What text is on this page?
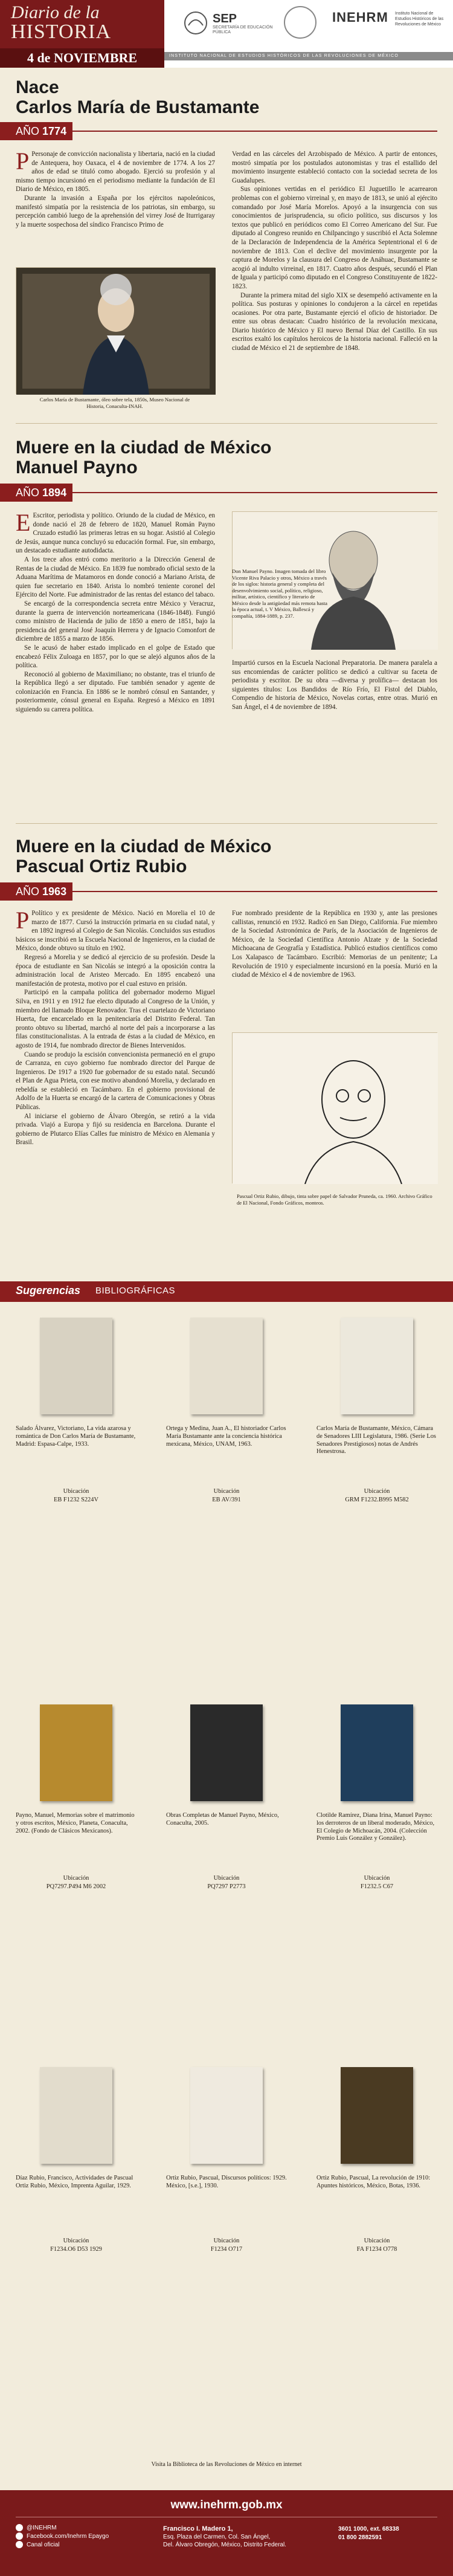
Diario de la
HISTORIA
4 de NOVIEMBRE
SEP
SECRETARÍA DE EDUCACIÓN PÚBLICA
INEHRM	Instituto Nacional de Estudios Históricos de las Revoluciones de México
INSTITUTO NACIONAL DE ESTUDIOS HISTÓRICOS DE LAS REVOLUCIONES DE MÉXICO
Nace
Carlos María de Bustamante
AÑO 1774

P Personaje de convicción nacionalista y libertaria, nació en la ciudad de Antequera, hoy Oaxaca, el 4 de noviembre de 1774. A los 27 años de edad se tituló como abogado. Ejerció su profesión y al mismo tiempo incursionó en el periodismo mediante la fundación de El Diario de México, en 1805.

Durante la invasión a España por los ejércitos napoleónicos, manifestó simpatía por la resistencia de los patriotas, sin embargo, su percepción cambió luego de la aprehensión del virrey José de Iturrigaray y la muerte sospechosa del síndico Francisco Primo de

Verdad en las cárceles del Arzobispado de México. A partir de entonces, mostró simpatía por los postulados autonomistas y tras el estallido del movimiento insurgente estableció contacto con la sociedad secreta de los Guadalupes.

Sus opiniones vertidas en el periódico El Juguetillo le acarrearon problemas con el gobierno virreinal y, en mayo de 1813, se unió al ejército comandado por José María Morelos. Apoyó a la insurgencia con sus conocimientos de jurisprudencia, su oficio político, sus discursos y los textos que publicó en periódicos como El Correo Americano del Sur. Fue diputado al Congreso reunido en Chilpancingo y suscribió el Acta Solemne de la Declaración de Independencia de la América Septentrional el 6 de noviembre de 1813. Con el declive del movimiento insurgente por la captura de Morelos y la clausura del Congreso de Anáhuac, Bustamante se acogió al indulto virreinal, en 1817. Cuatro años después, secundó el Plan de Iguala y participó como diputado en el Congreso Constituyente de 1822-1823.

Durante la primera mitad del siglo XIX se desempeñó activamente en la política. Sus posturas y opiniones lo condujeron a la cárcel en repetidas ocasiones. Por otra parte, Bustamante ejerció el oficio de historiador. De entre sus obras destacan: Cuadro histórico de la revolución mexicana, Diario histórico de México y El nuevo Bernal Díaz del Castillo. En sus escritos exaltó los capítulos heroicos de la historia nacional. Falleció en la ciudad de México el 21 de septiembre de 1848.

Carlos María de Bustamante, óleo sobre tela, 1850s, Museo Nacional de Historia, Conaculta-INAH.
Muere en la ciudad de México
Manuel Payno
AÑO 1894

E Escritor, periodista y político. Oriundo de la ciudad de México, en donde nació el 28 de febrero de 1820, Manuel Román Payno Cruzado estudió las primeras letras en su hogar. Asistió al Colegio de Jesús, aunque nunca concluyó su educación formal. Fue, sin embargo, un destacado estudiante autodidacta.

A los trece años entró como meritorio a la Dirección General de Rentas de la ciudad de México. En 1839 fue nombrado oficial sexto de la Aduana Marítima de Matamoros en donde conoció a Mariano Arista, de quien fue secretario en 1840. Arista lo nombró teniente coronel del Ejército del Norte. Fue administrador de las rentas del estanco del tabaco.

Se encargó de la correspondencia secreta entre México y Veracruz, durante la guerra de intervención norteamericana (1846-1848). Fungió como ministro de Hacienda de julio de 1850 a enero de 1851, bajo la presidencia del general José Joaquín Herrera y de Ignacio Comonfort de diciembre de 1855 a marzo de 1856.

Se le acusó de haber estado implicado en el golpe de Estado que encabezó Félix Zuloaga en 1857, por lo que se alejó algunos años de la política.

Reconoció al gobierno de Maximiliano; no obstante, tras el triunfo de la República llegó a ser diputado. Fue también senador y agente de colonización en Francia. En 1886 se le nombró cónsul en Santander, y posteriormente, cónsul general en España. Regresó a México en 1891 siguiendo su carrera política.

Don Manuel Payno. Imagen tomada del libro Vicente Riva Palacio y otros, México a través de los siglos: historia general y completa del desenvolvimiento social, político, religioso, militar, artístico, científico y literario de México desde la antigüedad más remota hasta la época actual, t. V México, Ballescá y compañía, 1884-1889, p. 237.

Impartió cursos en la Escuela Nacional Preparatoria. De manera paralela a sus encomiendas de carácter político se dedicó a cultivar su faceta de periodista y escritor. De su obra —diversa y prolífica— destacan los siguientes títulos: Los Bandidos de Río Frío, El Fistol del Diablo, Compendio de historia de México, Novelas cortas, entre otras. Murió en San Ángel, el 4 de noviembre de 1894.

Muere en la ciudad de México
Pascual Ortiz Rubio
AÑO 1963

P Político y ex presidente de México. Nació en Morelia el 10 de marzo de 1877. Cursó la instrucción primaria en su ciudad natal, y en 1892 ingresó al Colegio de San Nicolás. Concluidos sus estudios básicos se inscribió en la Escuela Nacional de Ingenieros, en la ciudad de México, donde obtuvo su título en 1902.

Regresó a Morelia y se dedicó al ejercicio de su profesión. Desde la época de estudiante en San Nicolás se integró a la oposición contra la administración local de Aristeo Mercado. En 1895 encabezó una manifestación de protesta, motivo por el cual estuvo en prisión.

Participó en la campaña política del gobernador moderno Miguel Silva, en 1911 y en 1912 fue electo diputado al Congreso de la Unión, y miembro del llamado Bloque Renovador. Tras el cuartelazo de Victoriano Huerta, fue encarcelado en la penitenciaría del Distrito Federal. Tan pronto obtuvo su libertad, marchó al norte del país a incorporarse a las filas constitucionalistas. A la entrada de éstas a la ciudad de México, en agosto de 1914, fue nombrado director de Bienes Intervenidos.

Cuando se produjo la escisión convencionista permaneció en el grupo de Carranza, en cuyo gobierno fue nombrado director del Parque de Ingenieros. De 1917 a 1920 fue gobernador de su estado natal. Secundó el Plan de Agua Prieta, con ese motivo abandonó Morelia, y declarado en rebeldía se estableció en Tacámbaro. En el gobierno provisional de Adolfo de la Huerta se encargó de la cartera de Comunicaciones y Obras Públicas.

Al iniciarse el gobierno de Álvaro Obregón, se retiró a la vida privada. Viajó a Europa y fijó su residencia en Barcelona. Durante el gobierno de Plutarco Elías Calles fue ministro de México en Alemania y Brasil.

Fue nombrado presidente de la República en 1930 y, ante las presiones callistas, renunció en 1932. Radicó en San Diego, California. Fue miembro de la Sociedad Astronómica de París, de la Asociación de Ingenieros de México, de la Sociedad Científica Antonio Alzate y de la Sociedad Michoacana de Geografía y Estadística. Publicó estudios científicos como Los Xalapasco de Tacámbaro. Escribió: Memorias de un penitente; La Revolución de 1910 y especialmente incursionó en la poesía. Murió en la ciudad de México el 4 de noviembre de 1963.

Pascual Ortiz Rubio, dibujo, tinta sobre papel de Salvador Pruneda, ca. 1960. Archivo Gráfico de El Nacional, Fondo Gráficos, monteos.
Sugerencias BIBLIOGRÁFICAS
Salado Álvarez, Victoriano, La vida azarosa y romántica de Don Carlos María de Bustamante, Madrid: Espasa-Calpe, 1933.
Ubicación
EB F1232 S224V
Ortega y Medina, Juan A., El historiador Carlos María Bustamante ante la conciencia histórica mexicana, México, UNAM, 1963.
Ubicación
EB AV/391
Carlos María de Bustamante, México, Cámara de Senadores LIII Legislatura, 1986. (Serie Los Senadores Prestigiosos) notas de Andrés Henestrosa.
Ubicación
GRM F1232.B995 M582
Payno, Manuel, Memorias sobre el matrimonio y otros escritos, México, Planeta, Conaculta, 2002. (Fondo de Clásicos Mexicanos).
Ubicación
PQ7297.P494 M6 2002
Obras Completas de Manuel Payno, México, Conaculta, 2005.
Ubicación
PQ7297 P2773
Clotilde Ramírez, Diana Irina, Manuel Payno: los derroteros de un liberal moderado, México, El Colegio de Michoacán, 2004. (Colección Premio Luis González y González).
Ubicación
F1232.5 C67
Díaz Rubio, Francisco, Actividades de Pascual Ortiz Rubio, México, Imprenta Aguilar, 1929.
Ubicación
F1234.O6 D53 1929
Ortiz Rubio, Pascual, Discursos políticos: 1929. México, [s.e.], 1930.
Ubicación
F1234 O717
Ortiz Rubio, Pascual, La revolución de 1910: Apuntes históricos, México, Botas, 1936.
Ubicación
FA F1234 O778
Visita la Biblioteca de las Revoluciones de México en internet
www.inehrm.gob.mx
@INEHRM
Facebook.com/Inehrm Epaygo
Canal oficial
Francisco I. Madero 1,
Esq. Plaza del Carmen, Col. San Ángel,
Del. Álvaro Obregón, México, Distrito Federal.
3601 1000, ext. 68338
01 800 2882591
